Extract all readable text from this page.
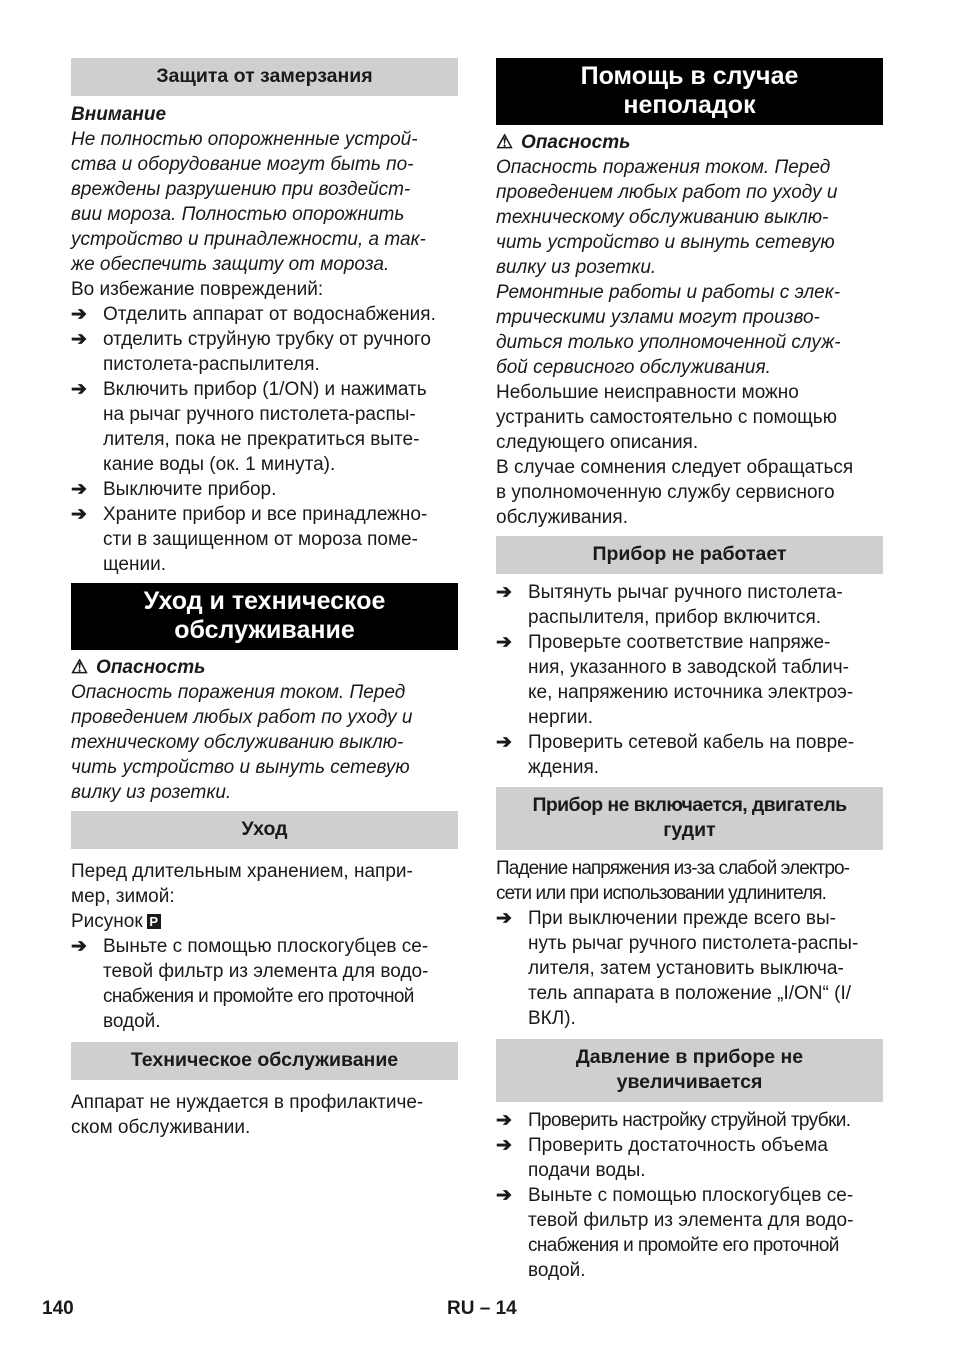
Защита от замерзания

Внимание

Не полностью опорожненные устрой-

ства и оборудование могут быть по-

вреждены разрушению при воздейст-

вии мороза. Полностью опорожнить

устройство и принадлежности, а так-

же обеспечить защиту от мороза.

Во избежание повреждений:

➔ Отделить аппарат от водоснабжения.
➔ отделить струйную трубку от ручного
пистолета-распылителя.
➔ Включить прибор (1/ON) и нажимать
на рычаг ручного пистолета-распы-
лителя, пока не прекратиться выте-
кание воды (ок. 1 минута).
➔ Выключите прибор.
➔ Храните прибор и все принадлежно-
сти в защищенном от мороза поме-
щении.
Уход и техническое
обслуживание

⚠ Опасность

Опасность поражения током. Перед

проведением любых работ по уходу и

техническому обслуживанию выклю-

чить устройство и вынуть сетевую

вилку из розетки.

Уход

Перед длительным хранением, напри-

мер, зимой:

Рисунок P

➔ Выньте с помощью плоскогубцев се-
тевой фильтр из элемента для водо-
снабжения и промойте его проточной
водой.
Техническое обслуживание

Аппарат не нуждается в профилактиче-

ском обслуживании.

Помощь в случае
неполадок

⚠ Опасность

Опасность поражения током. Перед

проведением любых работ по уходу и

техническому обслуживанию выклю-

чить устройство и вынуть сетевую

вилку из розетки.

Ремонтные работы и работы с элек-

трическими узлами могут произво-

диться только уполномоченной служ-

бой сервисного обслуживания.

Небольшие неисправности можно

устранить самостоятельно с помощью

следующего описания.

В случае сомнения следует обращаться

в уполномоченную службу сервисного

обслуживания.

Прибор не работает
➔ Вытянуть рычаг ручного пистолета-
распылителя, прибор включится.
➔ Проверьте соответствие напряже-
ния, указанного в заводской таблич-
ке, напряжению источника электроэ-
нергии.
➔ Проверить сетевой кабель на повре-
ждения.
Прибор не включается, двигатель
гудит

Падение напряжения из-за слабой электро-

сети или при использовании удлинителя.

➔ При выключении прежде всего вы-
нуть рычаг ручного пистолета-распы-
лителя, затем установить выключа-
тель аппарата в положение „I/ON“ (I/
ВКЛ).
Давление в приборе не
увеличивается
➔ Проверить настройку струйной трубки.
➔ Проверить достаточность объема
подачи воды.
➔ Выньте с помощью плоскогубцев се-
тевой фильтр из элемента для водо-
снабжения и промойте его проточной
водой.
140	RU – 14
